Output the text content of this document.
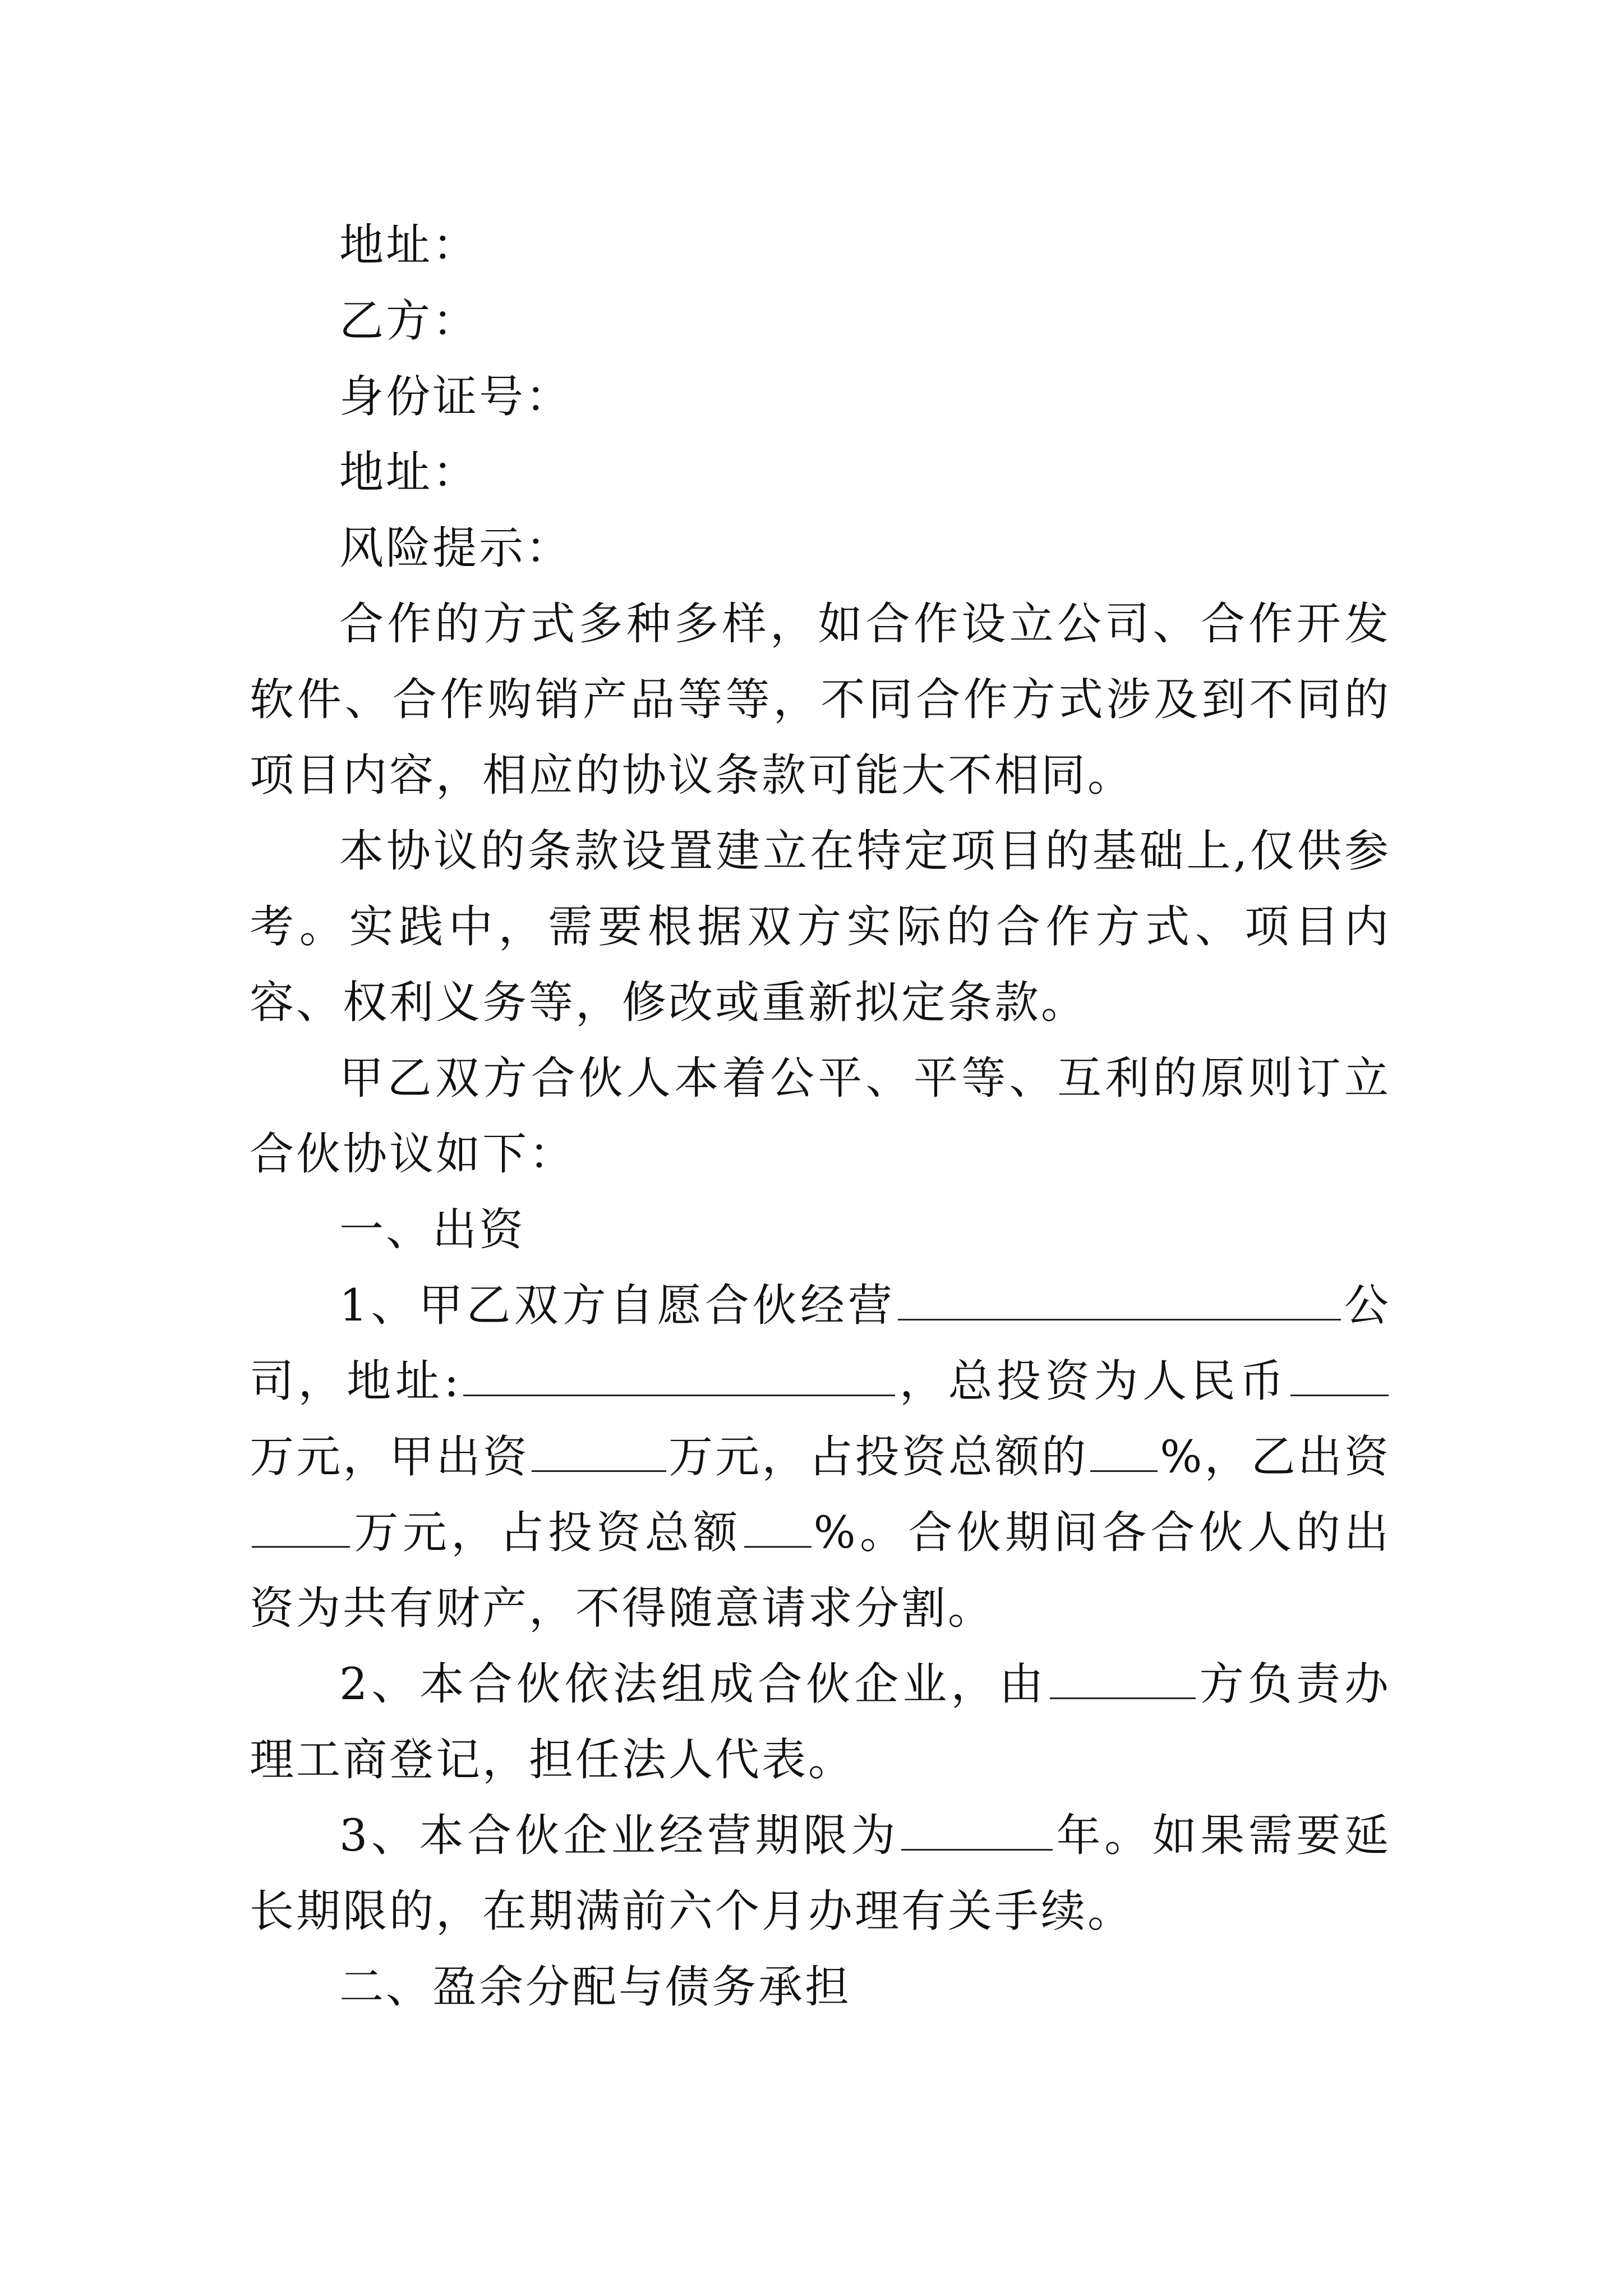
地址：

乙方：

身份证号：

地址：

风险提示：

合作的方式多种多样，如合作设立公司、合作开发软件、合作购销产品等等，不同合作方式涉及到不同的项目内容，相应的协议条款可能大不相同。

本协议的条款设置建立在特定项目的基础上,仅供参考。实践中，需要根据双方实际的合作方式、项目内容、权利义务等，修改或重新拟定条款。

甲乙双方合伙人本着公平、平等、互利的原则订立合伙协议如下：

一、出资

1、甲乙双方自愿合伙经营	公司，地址:	，总投资为人民币万元，甲出资	万元，占投资总额的 %，乙出资万元，占投资总额 %。合伙期间各合伙人的出资为共有财产，不得随意请求分割。

2、本合伙依法组成合伙企业，由	方负责办理工商登记，担任法人代表。

3、本合伙企业经营期限为	年。如果需要延长期限的，在期满前六个月办理有关手续。

二、盈余分配与债务承担
